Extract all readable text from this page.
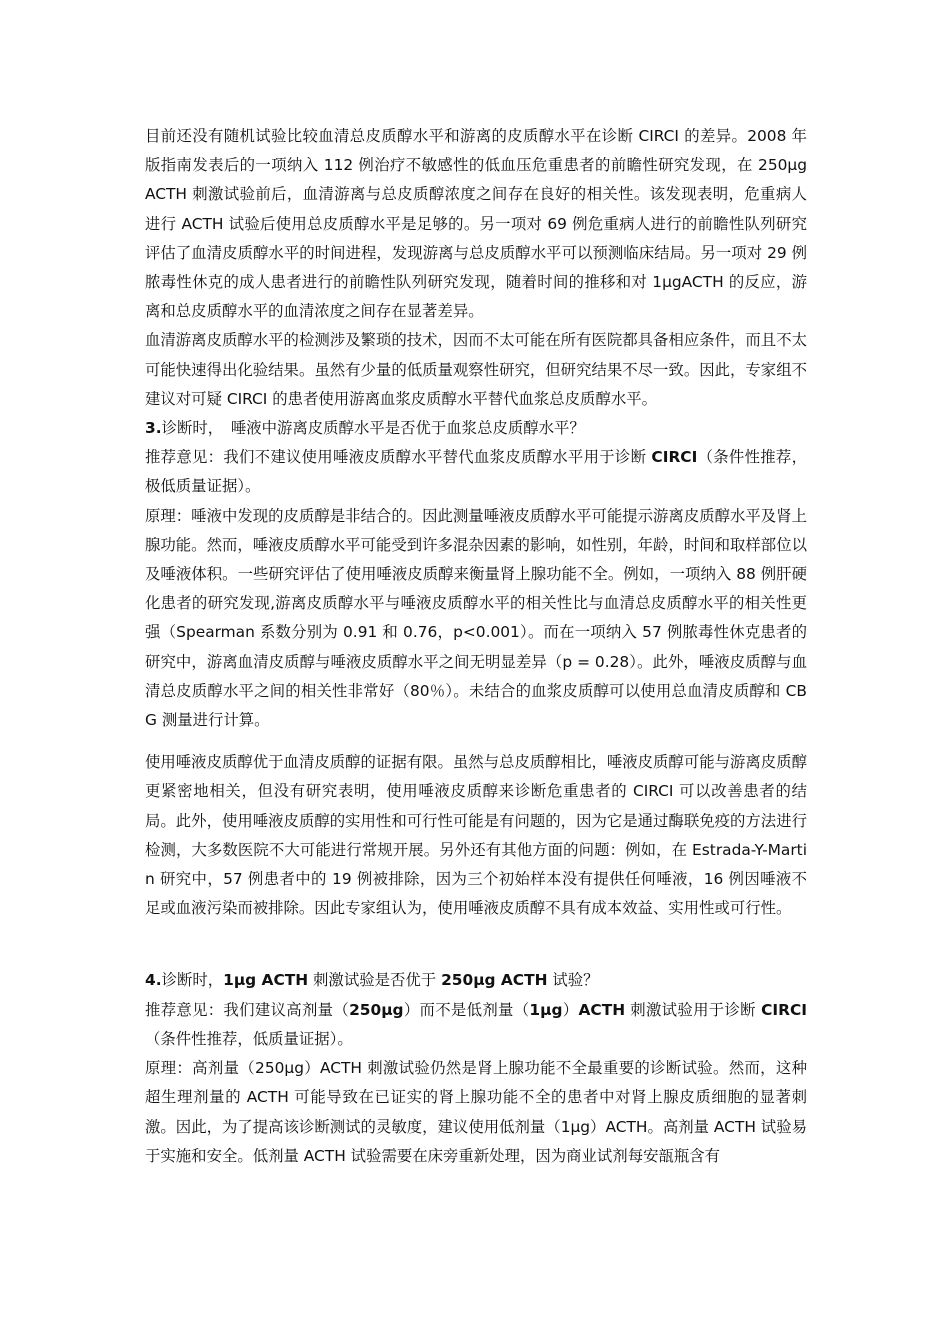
目前还没有随机试验比较血清总皮质醇水平和游离的皮质醇水平在诊断 CIRCI 的差异。2008 年版指南发表后的一项纳入 112 例治疗不敏感性的低血压危重患者的前瞻性研究发现，在 250μg ACTH 刺激试验前后，血清游离与总皮质醇浓度之间存在良好的相关性。该发现表明，危重病人进行 ACTH 试验后使用总皮质醇水平是足够的。另一项对 69 例危重病人进行的前瞻性队列研究评估了血清皮质醇水平的时间进程，发现游离与总皮质醇水平可以预测临床结局。另一项对 29 例脓毒性休克的成人患者进行的前瞻性队列研究发现，随着时间的推移和对 1μgACTH 的反应，游离和总皮质醇水平的血清浓度之间存在显著差异。

血清游离皮质醇水平的检测涉及繁琐的技术，因而不太可能在所有医院都具备相应条件，而且不太可能快速得出化验结果。虽然有少量的低质量观察性研究，但研究结果不尽一致。因此，专家组不建议对可疑 CIRCI 的患者使用游离血浆皮质醇水平替代血浆总皮质醇水平。

3.诊断时，　唾液中游离皮质醇水平是否优于血浆总皮质醇水平？

推荐意见：我们不建议使用唾液皮质醇水平替代血浆皮质醇水平用于诊断 CIRCI（条件性推荐，极低质量证据）。

原理：唾液中发现的皮质醇是非结合的。因此测量唾液皮质醇水平可能提示游离皮质醇水平及肾上腺功能。然而，唾液皮质醇水平可能受到许多混杂因素的影响，如性别，年龄，时间和取样部位以及唾液体积。一些研究评估了使用唾液皮质醇来衡量肾上腺功能不全。例如，一项纳入 88 例肝硬化患者的研究发现,游离皮质醇水平与唾液皮质醇水平的相关性比与血清总皮质醇水平的相关性更强（Spearman 系数分别为 0.91 和 0.76，p<0.001）。而在一项纳入 57 例脓毒性休克患者的研究中，游离血清皮质醇与唾液皮质醇水平之间无明显差异（p = 0.28）。此外，唾液皮质醇与血清总皮质醇水平之间的相关性非常好（80％）。未结合的血浆皮质醇可以使用总血清皮质醇和 CBG 测量进行计算。

使用唾液皮质醇优于血清皮质醇的证据有限。虽然与总皮质醇相比，唾液皮质醇可能与游离皮质醇更紧密地相关，但没有研究表明，使用唾液皮质醇来诊断危重患者的 CIRCI 可以改善患者的结局。此外，使用唾液皮质醇的实用性和可行性可能是有问题的，因为它是通过酶联免疫的方法进行检测，大多数医院不大可能进行常规开展。另外还有其他方面的问题：例如，在 Estrada-Y-Martin 研究中，57 例患者中的 19 例被排除，因为三个初始样本没有提供任何唾液，16 例因唾液不足或血液污染而被排除。因此专家组认为，使用唾液皮质醇不具有成本效益、实用性或可行性。

4.诊断时，1μg ACTH 刺激试验是否优于 250μg ACTH 试验？

推荐意见：我们建议高剂量（250μg）而不是低剂量（1μg）ACTH 刺激试验用于诊断 CIRCI（条件性推荐，低质量证据）。

原理：高剂量（250μg）ACTH 刺激试验仍然是肾上腺功能不全最重要的诊断试验。然而，这种超生理剂量的 ACTH 可能导致在已证实的肾上腺功能不全的患者中对肾上腺皮质细胞的显著刺激。因此，为了提高该诊断测试的灵敏度，建议使用低剂量（1μg）ACTH。高剂量 ACTH 试验易于实施和安全。低剂量 ACTH 试验需要在床旁重新处理，因为商业试剂每安瓿瓶含有
